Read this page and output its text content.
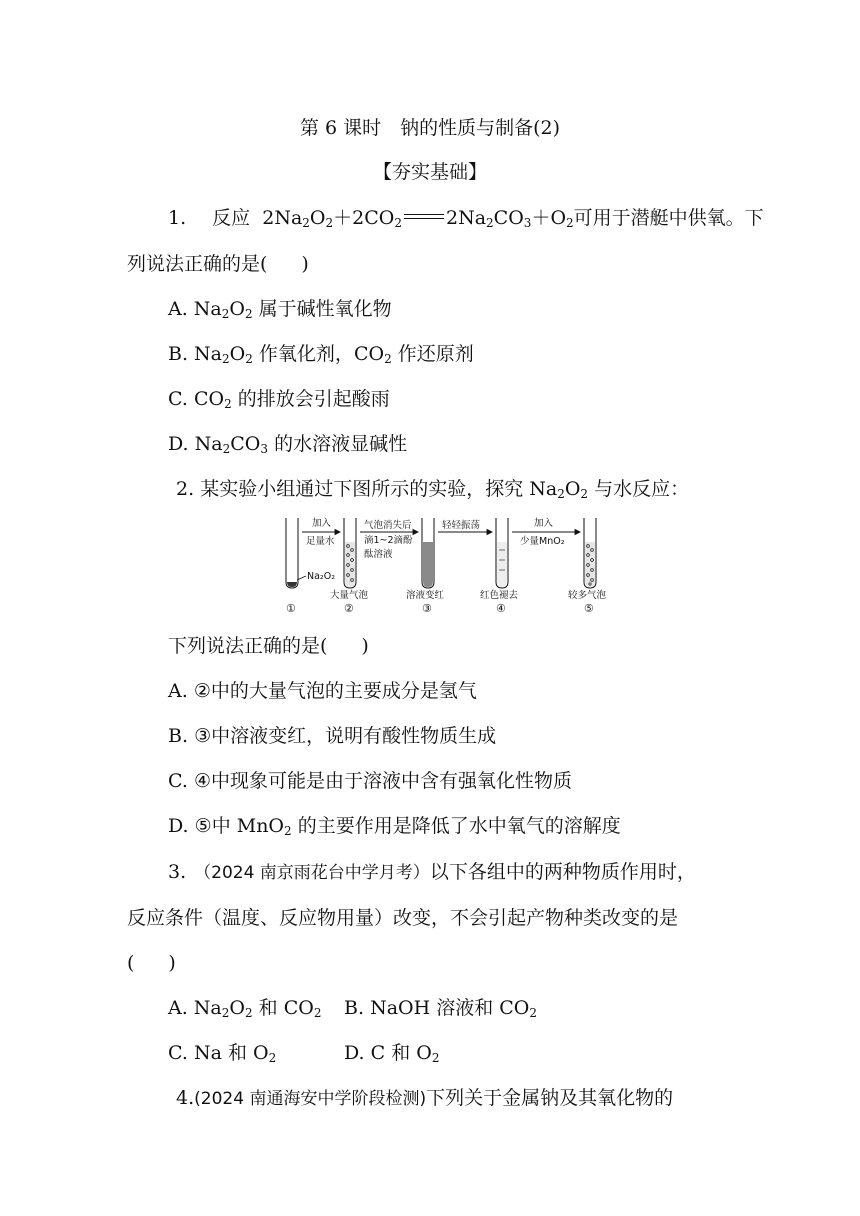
第 6 课时　钠的性质与制备(2)
【夯实基础】
1. 反应  $2Na_2O_2+2CO_2$ $2Na_2CO_3+O_2$可用于潜艇中供氧。下
列说法正确的是( )
A. $Na_2O_2$ 属于碱性氧化物
B. $Na_2O_2$ 作氧化剂，$CO_2$ 作还原剂
C. $CO_2$ 的排放会引起酸雨
D. $Na_2CO_3$ 的水溶液显碱性
2. 某实验小组通过下图所示的实验，探究 $Na_2O_2$ 与水反应：
Na₂O₂
加入
足量水
气泡消失后
滴1~2滴酚
酞溶液
轻轻振荡	加入
少量MnO₂
大量气泡	溶液变红	红色褪去	较多气泡
①	②	③	④	⑤
下列说法正确的是( )
A. ②中的大量气泡的主要成分是氢气
B. ③中溶液变红，说明有酸性物质生成
C. ④中现象可能是由于溶液中含有强氧化性物质
D. ⑤中 MnO$_2$ 的主要作用是降低了水中氧气的溶解度
3. （2024 南京雨花台中学月考）以下各组中的两种物质作用时，
反应条件（温度、反应物用量）改变，不会引起产物种类改变的是
( )
A. $Na_2O_2$ 和 $CO_2$ B. NaOH 溶液和 $CO_2$
C. Na 和 $O_2$	D. C 和 $O_2$
4.(2024 南通海安中学阶段检测)下列关于金属钠及其氧化物的
